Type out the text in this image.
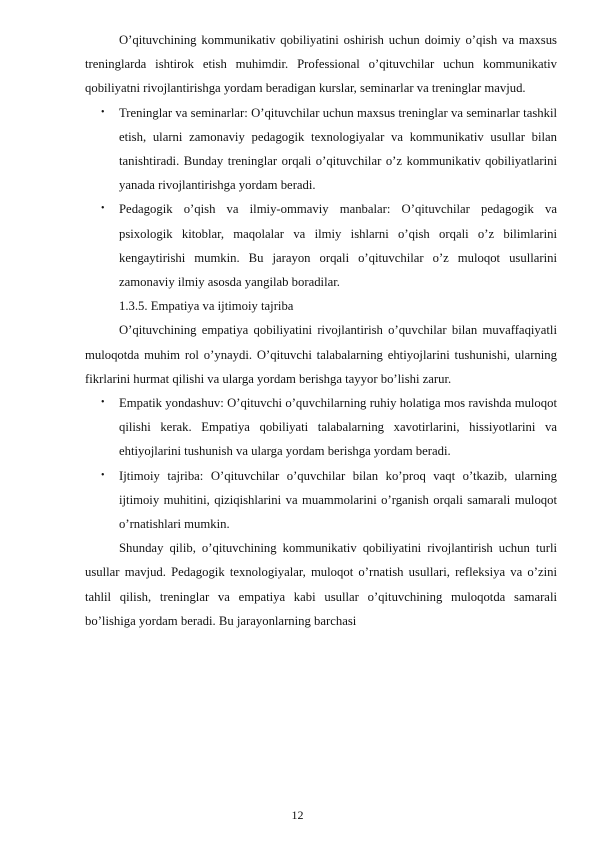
O’qituvchining kommunikativ qobiliyatini oshirish uchun doimiy o’qish va maxsus treninglarda ishtirok etish muhimdir. Professional o’qituvchilar uchun kommunikativ qobiliyatni rivojlantirishga yordam beradigan kurslar, seminarlar va treninglar mavjud.

• Treninglar va seminarlar: O’qituvchilar uchun maxsus treninglar va seminarlar tashkil etish, ularni zamonaviy pedagogik texnologiyalar va kommunikativ usullar bilan tanishtiradi. Bunday treninglar orqali o’qituvchilar o’z kommunikativ qobiliyatlarini yanada rivojlantirishga yordam beradi.
• Pedagogik o’qish va ilmiy-ommaviy manbalar: O’qituvchilar pedagogik va psixologik kitoblar, maqolalar va ilmiy ishlarni o’qish orqali o’z bilimlarini kengaytirishi mumkin. Bu jarayon orqali o’qituvchilar o’z muloqot usullarini zamonaviy ilmiy asosda yangilab boradilar.

1.3.5. Empatiya va ijtimoiy tajriba

O’qituvchining empatiya qobiliyatini rivojlantirish o’quvchilar bilan muvaffaqiyatli muloqotda muhim rol o’ynaydi. O’qituvchi talabalarning ehtiyojlarini tushunishi, ularning fikrlarini hurmat qilishi va ularga yordam berishga tayyor bo’lishi zarur.

• Empatik yondashuv: O’qituvchi o’quvchilarning ruhiy holatiga mos ravishda muloqot qilishi kerak. Empatiya qobiliyati talabalarning xavotirlarini, hissiyotlarini va ehtiyojlarini tushunish va ularga yordam berishga yordam beradi.
• Ijtimoiy tajriba: O’qituvchilar o’quvchilar bilan ko’proq vaqt o’tkazib, ularning ijtimoiy muhitini, qiziqishlarini va muammolarini o’rganish orqali samarali muloqot o’rnatishlari mumkin.

Shunday qilib, o’qituvchining kommunikativ qobiliyatini rivojlantirish uchun turli usullar mavjud. Pedagogik texnologiyalar, muloqot o’rnatish usullari, refleksiya va o’zini tahlil qilish, treninglar va empatiya kabi usullar o’qituvchining muloqotda samarali bo’lishiga yordam beradi. Bu jarayonlarning barchasi

12
